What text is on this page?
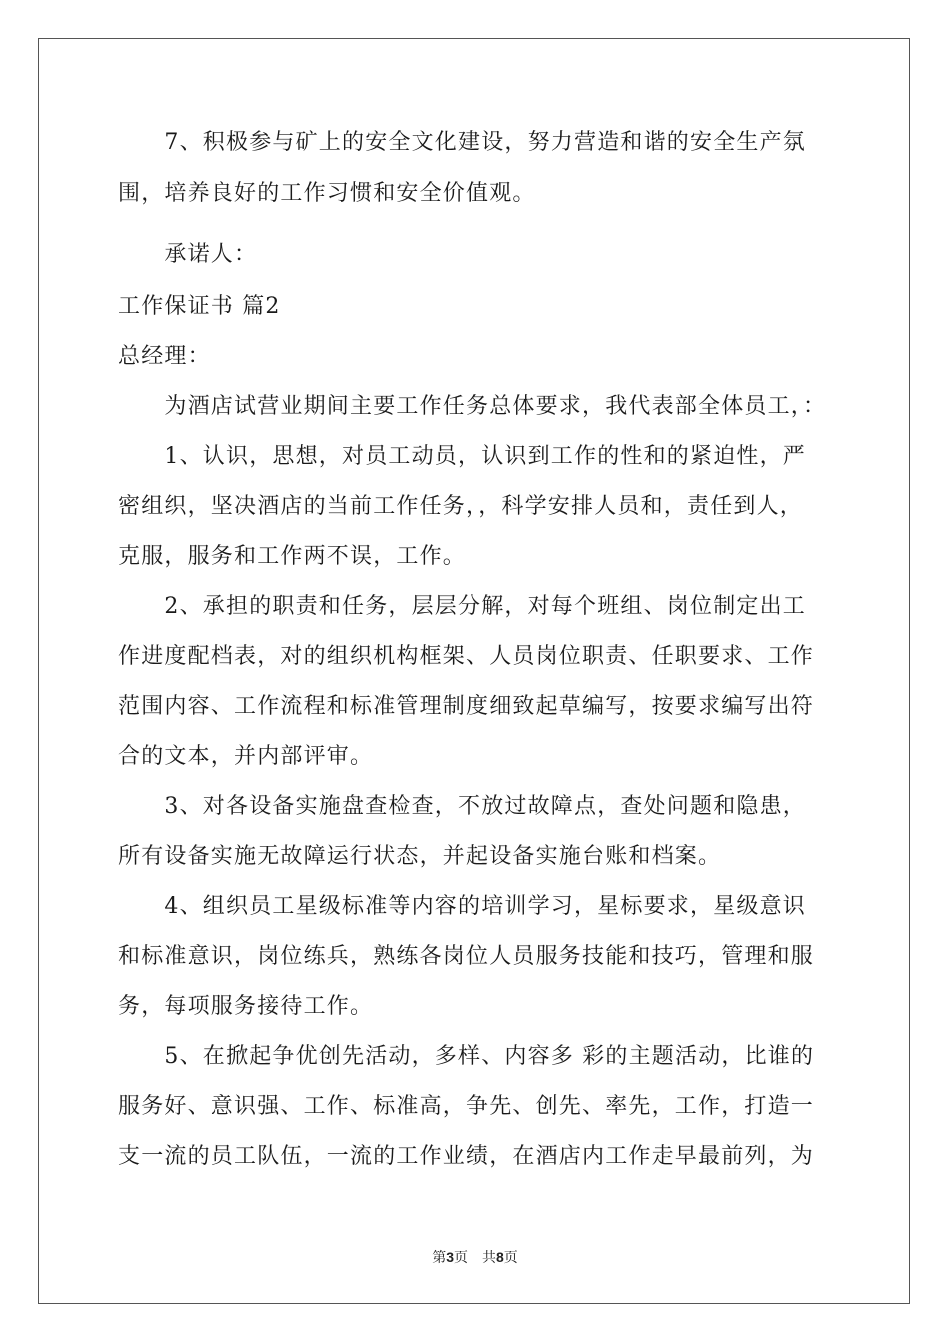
　　7、积极参与矿上的安全文化建设，努力营造和谐的安全生产氛
围，培养良好的工作习惯和安全价值观。
　　承诺人：
工作保证书 篇2
总经理：
　　为酒店试营业期间主要工作任务总体要求，我代表部全体员工，：
　　1、认识，思想，对员工动员，认识到工作的性和的紧迫性，严
密组织，坚决酒店的当前工作任务，，科学安排人员和，责任到人，
克服，服务和工作两不误，工作。
　　2、承担的职责和任务，层层分解，对每个班组、岗位制定出工
作进度配档表，对的组织机构框架、人员岗位职责、任职要求、工作
范围内容、工作流程和标准管理制度细致起草编写，按要求编写出符
合的文本，并内部评审。
　　3、对各设备实施盘查检查，不放过故障点，查处问题和隐患，
所有设备实施无故障运行状态，并起设备实施台账和档案。
　　4、组织员工星级标准等内容的培训学习，星标要求，星级意识
和标准意识，岗位练兵，熟练各岗位人员服务技能和技巧，管理和服
务，每项服务接待工作。
　　5、在掀起争优创先活动，多样、内容多 彩的主题活动，比谁的
服务好、意识强、工作、标准高，争先、创先、率先，工作，打造一
支一流的员工队伍，一流的工作业绩，在酒店内工作走早最前列，为
第3页　共8页
